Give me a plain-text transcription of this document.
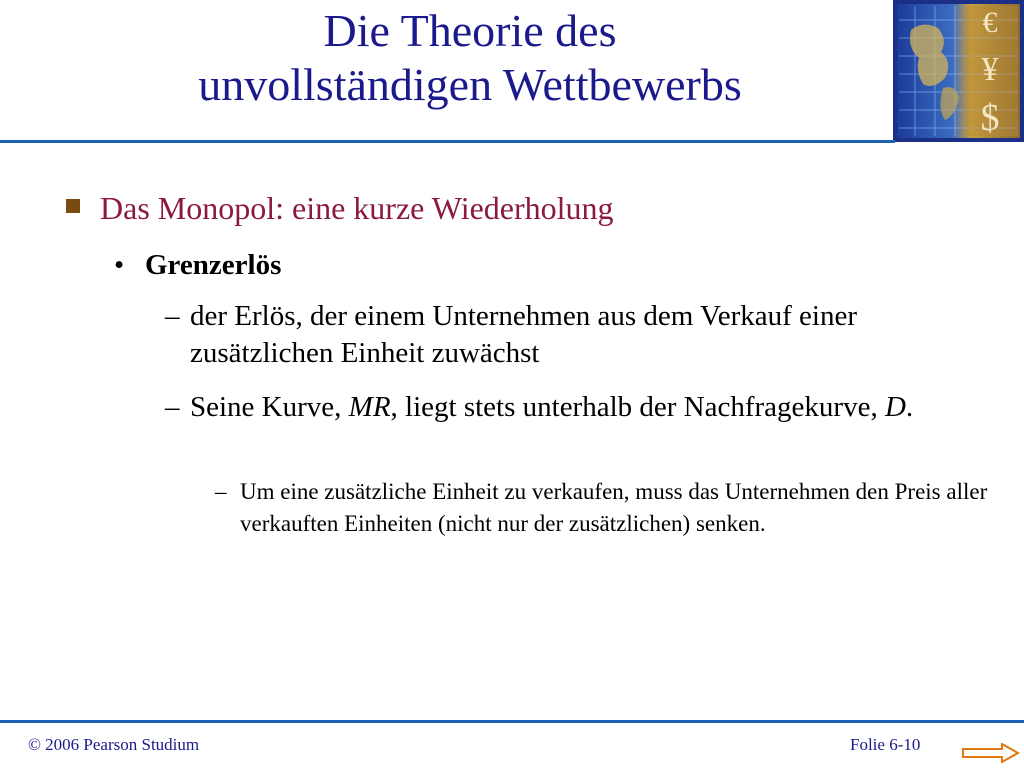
Die Theorie des
unvollständigen Wettbewerbs
€
¥
$
Das Monopol: eine kurze Wiederholung
• Grenzerlös
– der Erlös, der einem Unternehmen aus dem Verkauf einer zusätzlichen Einheit zuwächst
– Seine Kurve, MR, liegt stets unterhalb der Nachfragekurve, D.
– Um eine zusätzliche Einheit zu verkaufen, muss das Unternehmen den Preis aller verkauften Einheiten (nicht nur der zusätzlichen) senken.
© 2006 Pearson Studium	Folie 6-10
